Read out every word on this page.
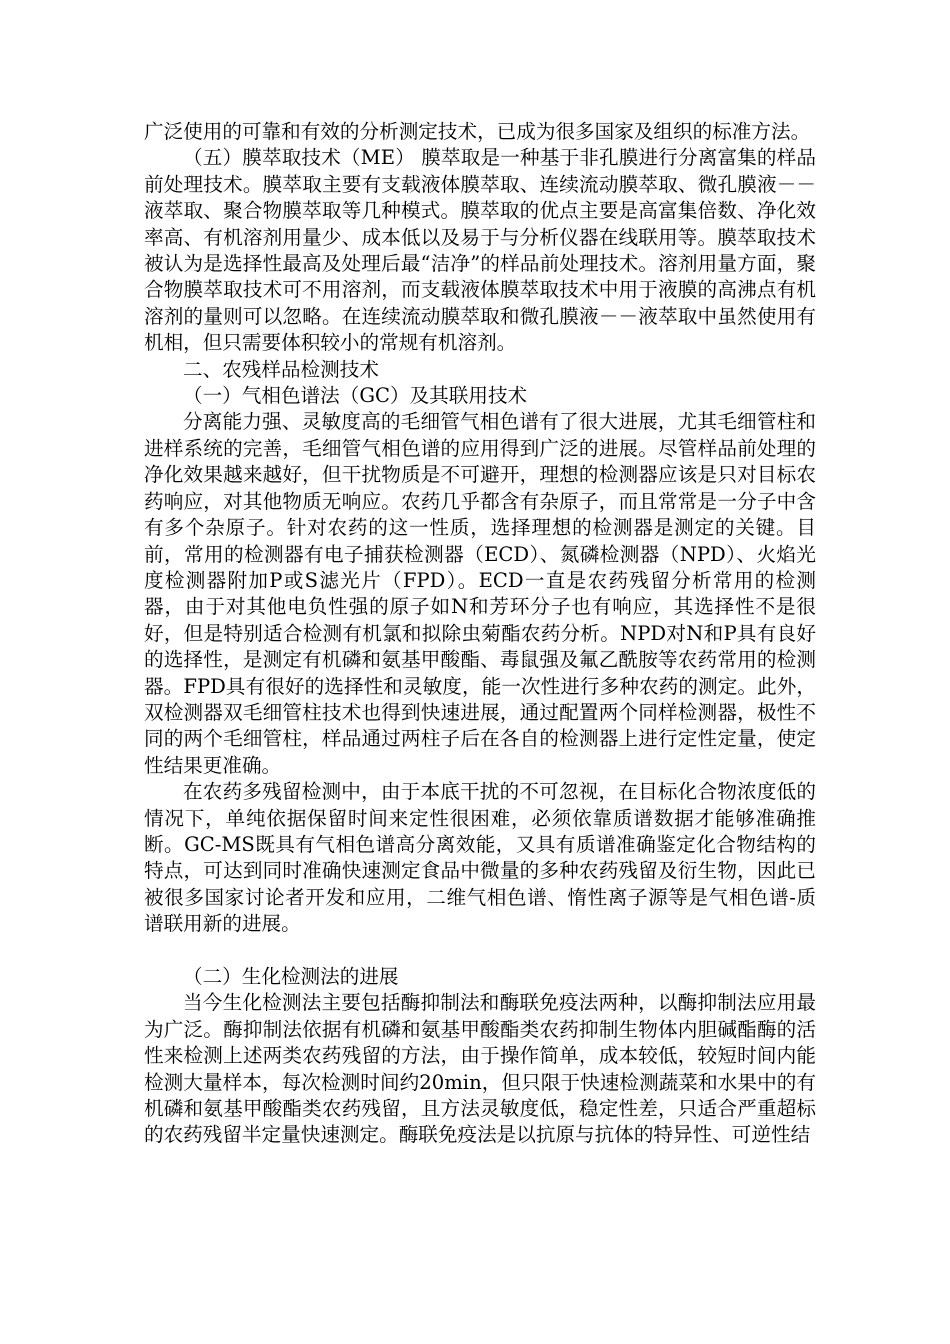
广泛使用的可靠和有效的分析测定技术，已成为很多国家及组织的标准方法。

（五）膜萃取技术（ME） 膜萃取是一种基于非孔膜进行分离富集的样品前处理技术。膜萃取主要有支载液体膜萃取、连续流动膜萃取、微孔膜液－－液萃取、聚合物膜萃取等几种模式。膜萃取的优点主要是高富集倍数、净化效率高、有机溶剂用量少、成本低以及易于与分析仪器在线联用等。膜萃取技术被认为是选择性最高及处理后最“洁净”的样品前处理技术。溶剂用量方面，聚合物膜萃取技术可不用溶剂，而支载液体膜萃取技术中用于液膜的高沸点有机溶剂的量则可以忽略。在连续流动膜萃取和微孔膜液－－液萃取中虽然使用有机相，但只需要体积较小的常规有机溶剂。

二、农残样品检测技术

（一）气相色谱法（GC）及其联用技术

分离能力强、灵敏度高的毛细管气相色谱有了很大进展，尤其毛细管柱和进样系统的完善，毛细管气相色谱的应用得到广泛的进展。尽管样品前处理的净化效果越来越好，但干扰物质是不可避开，理想的检测器应该是只对目标农药响应，对其他物质无响应。农药几乎都含有杂原子，而且常常是一分子中含有多个杂原子。针对农药的这一性质，选择理想的检测器是测定的关键。目前，常用的检测器有电子捕获检测器（ECD）、氮磷检测器（NPD）、火焰光度检测器附加P或S滤光片（FPD）。ECD一直是农药残留分析常用的检测器，由于对其他电负性强的原子如N和芳环分子也有响应，其选择性不是很好，但是特别适合检测有机氯和拟除虫菊酯农药分析。NPD对N和P具有良好的选择性，是测定有机磷和氨基甲酸酯、毒鼠强及氟乙酰胺等农药常用的检测器。FPD具有很好的选择性和灵敏度，能一次性进行多种农药的测定。此外，双检测器双毛细管柱技术也得到快速进展，通过配置两个同样检测器，极性不同的两个毛细管柱，样品通过两柱子后在各自的检测器上进行定性定量，使定性结果更准确。

在农药多残留检测中，由于本底干扰的不可忽视，在目标化合物浓度低的情况下，单纯依据保留时间来定性很困难，必须依靠质谱数据才能够准确推断。GC-MS既具有气相色谱高分离效能，又具有质谱准确鉴定化合物结构的特点，可达到同时准确快速测定食品中微量的多种农药残留及衍生物，因此已被很多国家讨论者开发和应用，二维气相色谱、惰性离子源等是气相色谱-质谱联用新的进展。

（二）生化检测法的进展

当今生化检测法主要包括酶抑制法和酶联免疫法两种，以酶抑制法应用最为广泛。酶抑制法依据有机磷和氨基甲酸酯类农药抑制生物体内胆碱酯酶的活性来检测上述两类农药残留的方法，由于操作简单，成本较低，较短时间内能检测大量样本，每次检测时间约20min，但只限于快速检测蔬菜和水果中的有机磷和氨基甲酸酯类农药残留，且方法灵敏度低，稳定性差，只适合严重超标的农药残留半定量快速测定。酶联免疫法是以抗原与抗体的特异性、可逆性结
